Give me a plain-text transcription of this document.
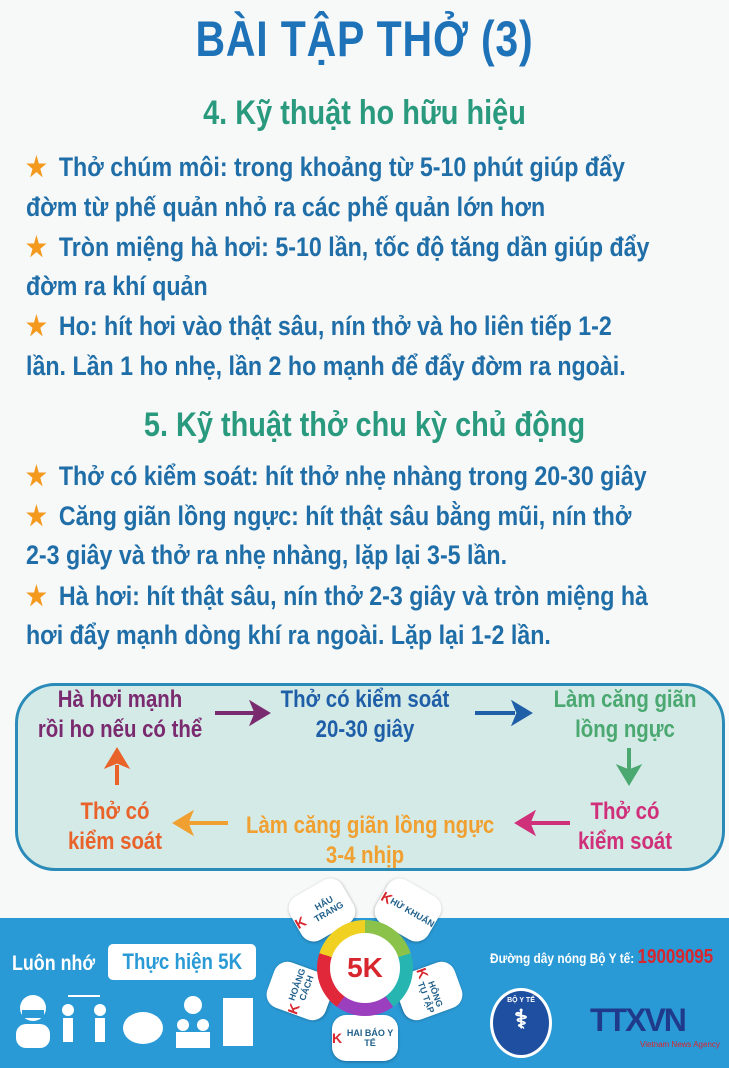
BÀI TẬP THỞ (3)
4. Kỹ thuật ho hữu hiệu
★ Thở chúm môi: trong khoảng từ 5-10 phút giúp đẩy
đờm từ phế quản nhỏ ra các phế quản lớn hơn
★ Tròn miệng hà hơi: 5-10 lần, tốc độ tăng dần giúp đẩy
đờm ra khí quản
★ Ho: hít hơi vào thật sâu, nín thở và ho liên tiếp 1-2
lần. Lần 1 ho nhẹ, lần 2 ho mạnh để đẩy đờm ra ngoài.
5. Kỹ thuật thở chu kỳ chủ động
★ Thở có kiểm soát: hít thở nhẹ nhàng trong 20-30 giây
★ Căng giãn lồng ngực: hít thật sâu bằng mũi, nín thở
2-3 giây và thở ra nhẹ nhàng, lặp lại 3-5 lần.
★ Hà hơi: hít thật sâu, nín thở 2-3 giây và tròn miệng hà
hơi đẩy mạnh dòng khí ra ngoài. Lặp lại 1-2 lần.
Hà hơi mạnh
rồi ho nếu có thể
Thở có kiểm soát
20-30 giây
Làm căng giãn
lồng ngực
Thở có
kiểm soát
Làm căng giãn lồng ngực
3-4 nhịp
Thở có
kiểm soát
Luôn nhớ Thực hiện 5K
K
HẨU TRANG
K
HỬ KHUẨN
K
HÔNG TỤ TẬP
K HAI BÁO Y TẾ
K
HOẢNG CÁCH
5K	Đường dây nóng Bộ Y tế: 19009095
BỘ Y TẾ
⚕ TTXVN
Vietnam News Agency
